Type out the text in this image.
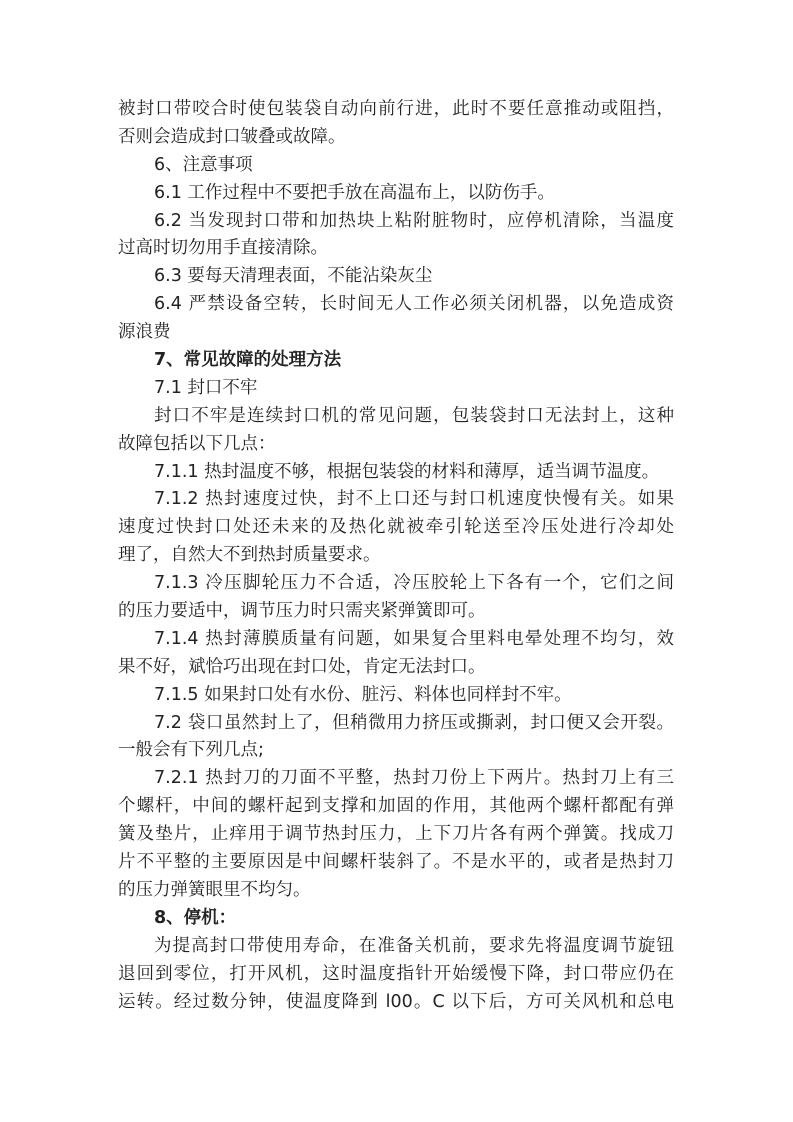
被封口带咬合时使包装袋自动向前行进，此时不要任意推动或阻挡，
否则会造成封口皱叠或故障。
6、注意事项
6.1 工作过程中不要把手放在高温布上，以防伤手。
6.2 当发现封口带和加热块上粘附脏物时，应停机清除，当温度
过高时切勿用手直接清除。
6.3 要每天清理表面，不能沾染灰尘
6.4 严禁设备空转，长时间无人工作必须关闭机器，以免造成资
源浪费
7、常见故障的处理方法
7.1 封口不牢
封口不牢是连续封口机的常见问题，包装袋封口无法封上，这种
故障包括以下几点：
7.1.1 热封温度不够，根据包装袋的材料和薄厚，适当调节温度。
7.1.2 热封速度过快，封不上口还与封口机速度快慢有关。如果
速度过快封口处还未来的及热化就被牵引轮送至冷压处进行冷却处
理了，自然大不到热封质量要求。
7.1.3 冷压脚轮压力不合适，冷压胶轮上下各有一个，它们之间
的压力要适中，调节压力时只需夹紧弹簧即可。
7.1.4 热封薄膜质量有问题，如果复合里料电晕处理不均匀，效
果不好，斌恰巧出现在封口处，肯定无法封口。
7.1.5 如果封口处有水份、脏污、料体也同样封不牢。
7.2 袋口虽然封上了，但稍微用力挤压或撕剥，封口便又会开裂。
一般会有下列几点;
7.2.1 热封刀的刀面不平整，热封刀份上下两片。热封刀上有三
个螺杆，中间的螺杆起到支撑和加固的作用，其他两个螺杆都配有弹
簧及垫片，止痒用于调节热封压力，上下刀片各有两个弹簧。找成刀
片不平整的主要原因是中间螺杆装斜了。不是水平的，或者是热封刀
的压力弹簧眼里不均匀。
8、停机：
为提高封口带使用寿命，在准备关机前，要求先将温度调节旋钮
退回到零位，打开风机，这时温度指针开始缓慢下降，封口带应仍在
运转。经过数分钟，使温度降到 l00。C 以下后，方可关风机和总电
